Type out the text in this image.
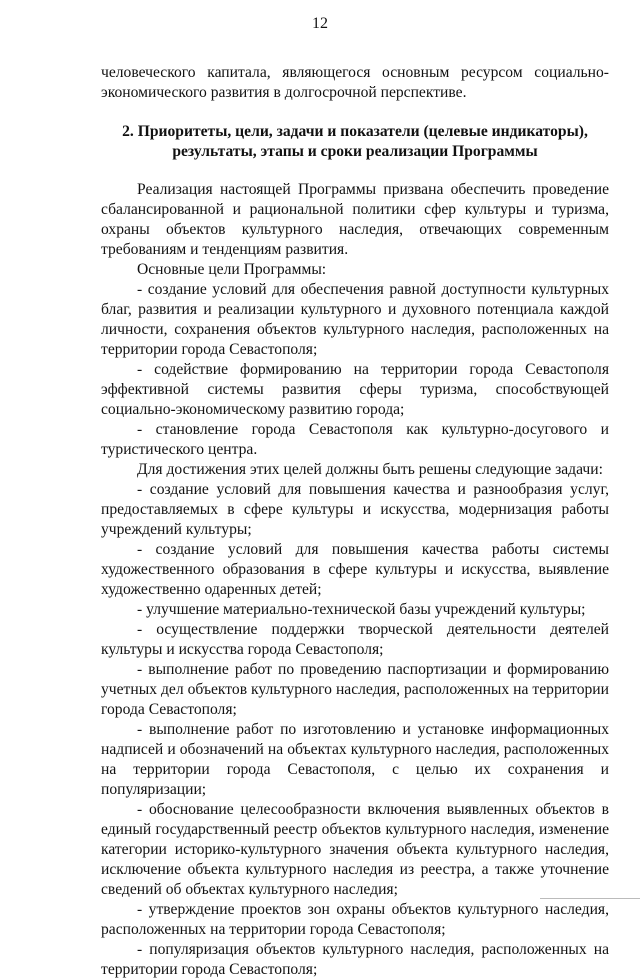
12

человеческого капитала, являющегося основным ресурсом социально-экономического развития в долгосрочной перспективе.

2. Приоритеты, цели, задачи и показатели (целевые индикаторы), результаты, этапы и сроки реализации Программы

Реализация настоящей Программы призвана обеспечить проведение сбалансированной и рациональной политики сфер культуры и туризма, охраны объектов культурного наследия, отвечающих современным требованиям и тенденциям развития.

Основные цели Программы:

- создание условий для обеспечения равной доступности культурных благ, развития и реализации культурного и духовного потенциала каждой личности, сохранения объектов культурного наследия, расположенных на территории города Севастополя;

- содействие формированию на территории города Севастополя эффективной системы развития сферы туризма, способствующей социально-экономическому развитию города;

- становление города Севастополя как культурно-досугового и туристического центра.

Для достижения этих целей должны быть решены следующие задачи:

- создание условий для повышения качества и разнообразия услуг, предоставляемых в сфере культуры и искусства, модернизация работы учреждений культуры;

- создание условий для повышения качества работы системы художественного образования в сфере культуры и искусства, выявление художественно одаренных детей;

- улучшение материально-технической базы учреждений культуры;

- осуществление поддержки творческой деятельности деятелей культуры и искусства города Севастополя;

- выполнение работ по проведению паспортизации и формированию учетных дел объектов культурного наследия, расположенных на территории города Севастополя;

- выполнение работ по изготовлению и установке информационных надписей и обозначений на объектах культурного наследия, расположенных на территории города Севастополя, с целью их сохранения и популяризации;

- обоснование целесообразности включения выявленных объектов в единый государственный реестр объектов культурного наследия, изменение категории историко-культурного значения объекта культурного наследия, исключение объекта культурного наследия из реестра, а также уточнение сведений об объектах культурного наследия;

- утверждение проектов зон охраны объектов культурного наследия, расположенных на территории города Севастополя;

- популяризация объектов культурного наследия, расположенных на территории города Севастополя;
